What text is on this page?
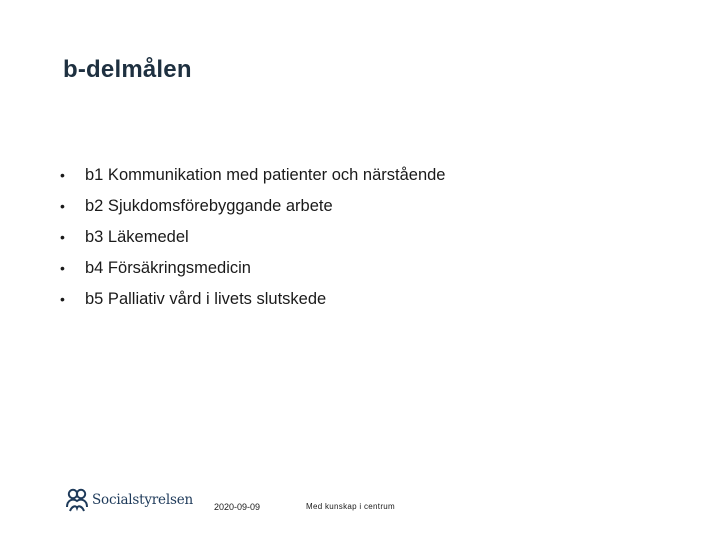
b-delmålen
•	b1 Kommunikation med patienter och närstående
•	b2 Sjukdomsförebyggande arbete
•	b3 Läkemedel
•	b4 Försäkringsmedicin
•	b5 Palliativ vård i livets slutskede
Socialstyrelsen 2020-09-09	Med kunskap i centrum
